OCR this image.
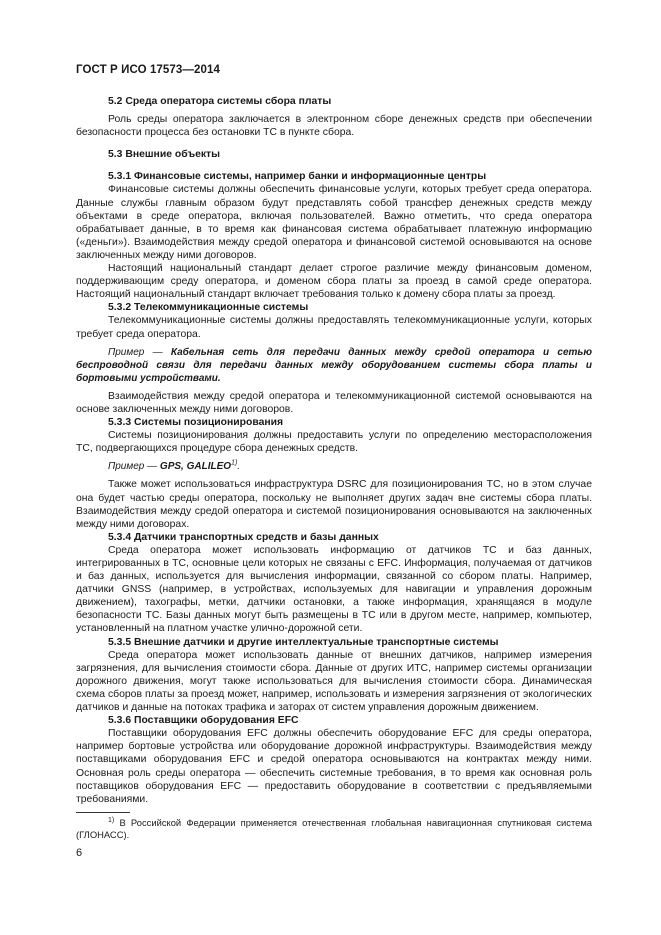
ГОСТ Р ИСО 17573—2014

5.2 Среда оператора системы сбора платы

Роль среды оператора заключается в электронном сборе денежных средств при обеспечении безопасности процесса без остановки ТС в пункте сбора.

5.3 Внешние объекты

5.3.1 Финансовые системы, например банки и информационные центры

Финансовые системы должны обеспечить финансовые услуги, которых требует среда оператора. Данные службы главным образом будут представлять собой трансфер денежных средств между объектами в среде оператора, включая пользователей. Важно отметить, что среда оператора обрабатывает данные, в то время как финансовая система обрабатывает платежную информацию («деньги»). Взаимодействия между средой оператора и финансовой системой основываются на основе заключенных между ними договоров.

Настоящий национальный стандарт делает строгое различие между финансовым доменом, поддерживающим среду оператора, и доменом сбора платы за проезд в самой среде оператора. Настоящий национальный стандарт включает требования только к домену сбора платы за проезд.

5.3.2 Телекоммуникационные системы

Телекоммуникационные системы должны предоставлять телекоммуникационные услуги, которых требует среда оператора.

Пример — Кабельная сеть для передачи данных между средой оператора и сетью беспроводной связи для передачи данных между оборудованием системы сбора платы и бортовыми устройствами.

Взаимодействия между средой оператора и телекоммуникационной системой основываются на основе заключенных между ними договоров.

5.3.3 Системы позиционирования

Системы позиционирования должны предоставить услуги по определению месторасположения ТС, подвергающихся процедуре сбора денежных средств.

Пример — GPS, GALILEO$^{1)}$.

Также может использоваться инфраструктура DSRC для позиционирования ТС, но в этом случае она будет частью среды оператора, поскольку не выполняет других задач вне системы сбора платы. Взаимодействия между средой оператора и системой позиционирования основываются на заключенных между ними договорах.

5.3.4 Датчики транспортных средств и базы данных

Среда оператора может использовать информацию от датчиков ТС и баз данных, интегрированных в ТС, основные цели которых не связаны с EFC. Информация, получаемая от датчиков и баз данных, используется для вычисления информации, связанной со сбором платы. Например, датчики GNSS (например, в устройствах, используемых для навигации и управления дорожным движением), тахографы, метки, датчики остановки, а также информация, хранящаяся в модуле безопасности ТС. Базы данных могут быть размещены в ТС или в другом месте, например, компьютер, установленный на платном участке улично-дорожной сети.

5.3.5 Внешние датчики и другие интеллектуальные транспортные системы

Среда оператора может использовать данные от внешних датчиков, например измерения загрязнения, для вычисления стоимости сбора. Данные от других ИТС, например системы организации дорожного движения, могут также использоваться для вычисления стоимости сбора. Динамическая схема сборов платы за проезд может, например, использовать и измерения загрязнения от экологических датчиков и данные на потоках трафика и заторах от систем управления дорожным движением.

5.3.6 Поставщики оборудования EFC

Поставщики оборудования EFC должны обеспечить оборудование EFC для среды оператора, например бортовые устройства или оборудование дорожной инфраструктуры. Взаимодействия между поставщиками оборудования EFC и средой оператора основываются на контрактах между ними. Основная роль среды оператора — обеспечить системные требования, в то время как основная роль поставщиков оборудования EFC — предоставить оборудование в соответствии с предъявляемыми требованиями.

$^{1)}$ В Российской Федерации применяется отечественная глобальная навигационная спутниковая система (ГЛОНАСС).
6
